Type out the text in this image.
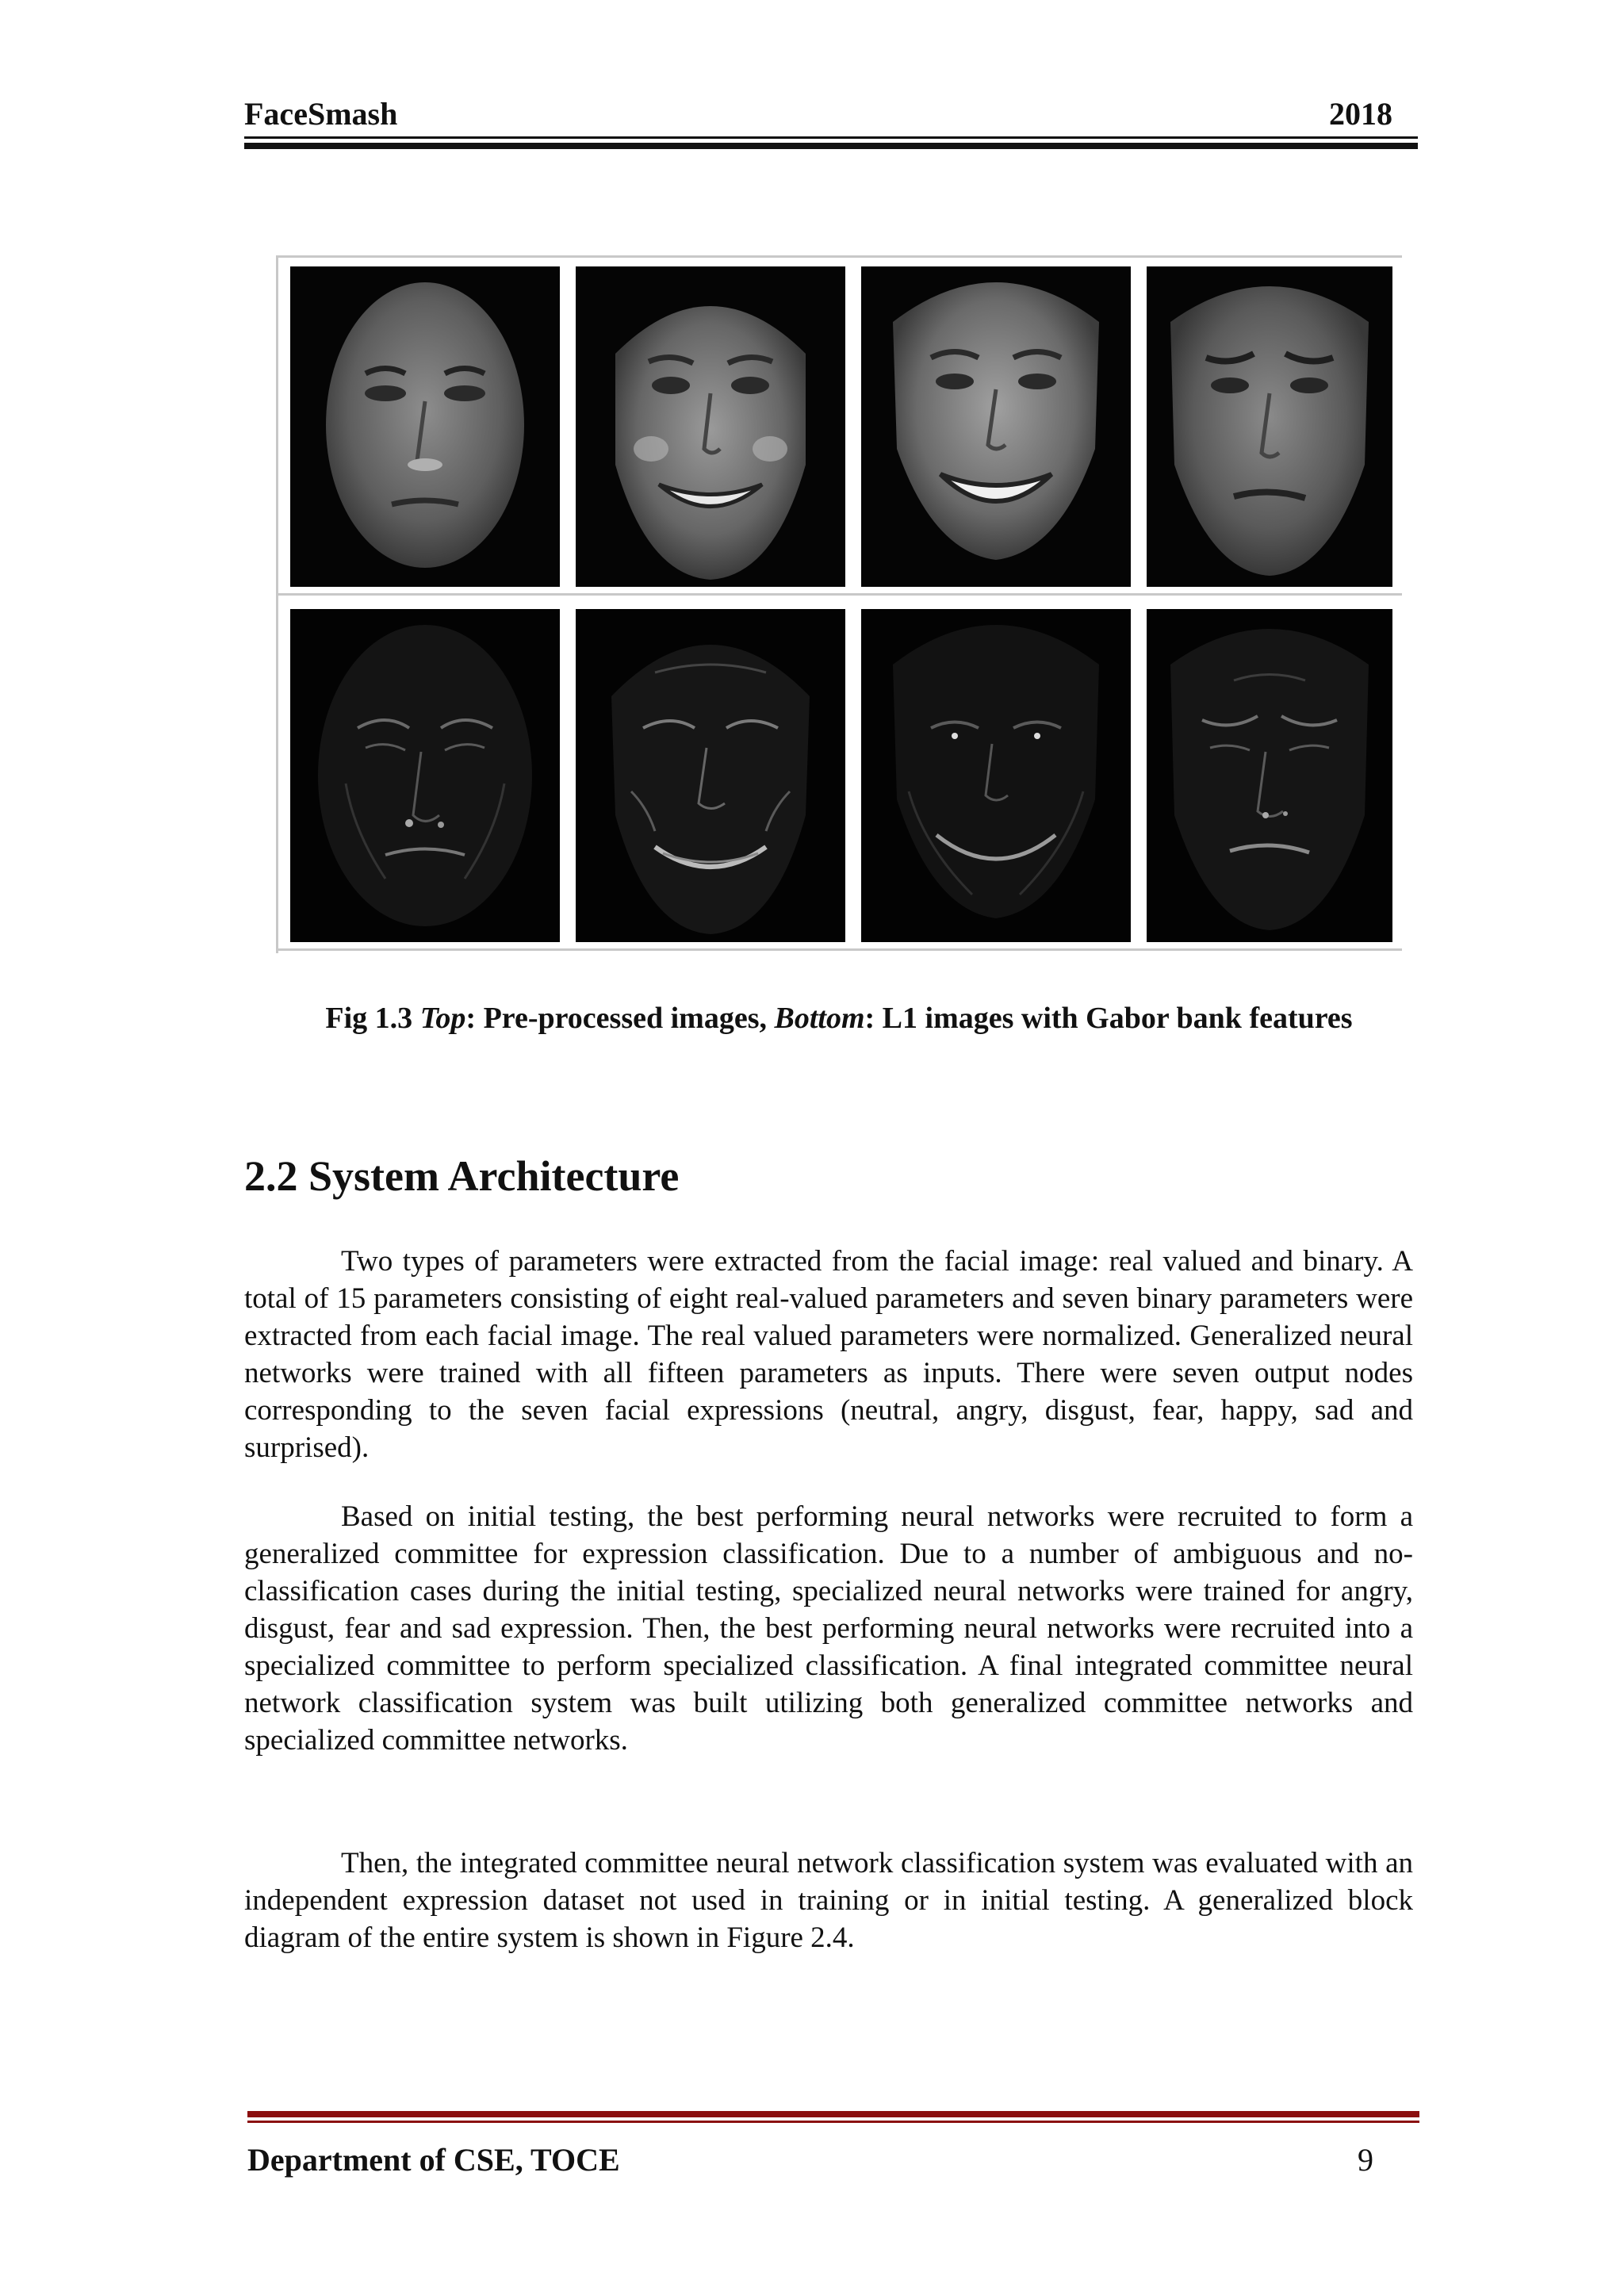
FaceSmash	2018
Fig 1.3 Top: Pre-processed images, Bottom: L1 images with Gabor bank features
2.2 System Architecture

Two types of parameters were extracted from the facial image: real valued and binary. A total of 15 parameters consisting of eight real-valued parameters and seven binary parameters were extracted from each facial image. The real valued parameters were normalized. Generalized neural networks were trained with all fifteen parameters as inputs. There were seven output nodes corresponding to the seven facial expressions (neutral, angry, disgust, fear, happy, sad and surprised).

Based on initial testing, the best performing neural networks were recruited to form a generalized committee for expression classification. Due to a number of ambiguous and no-classification cases during the initial testing, specialized neural networks were trained for angry, disgust, fear and sad expression. Then, the best performing neural networks were recruited into a specialized committee to perform specialized classification. A final integrated committee neural network classification system was built utilizing both generalized committee networks and specialized committee networks.

Then, the integrated committee neural network classification system was evaluated with an independent expression dataset not used in training or in initial testing. A generalized block diagram of the entire system is shown in Figure 2.4.

Department of CSE, TOCE	9
